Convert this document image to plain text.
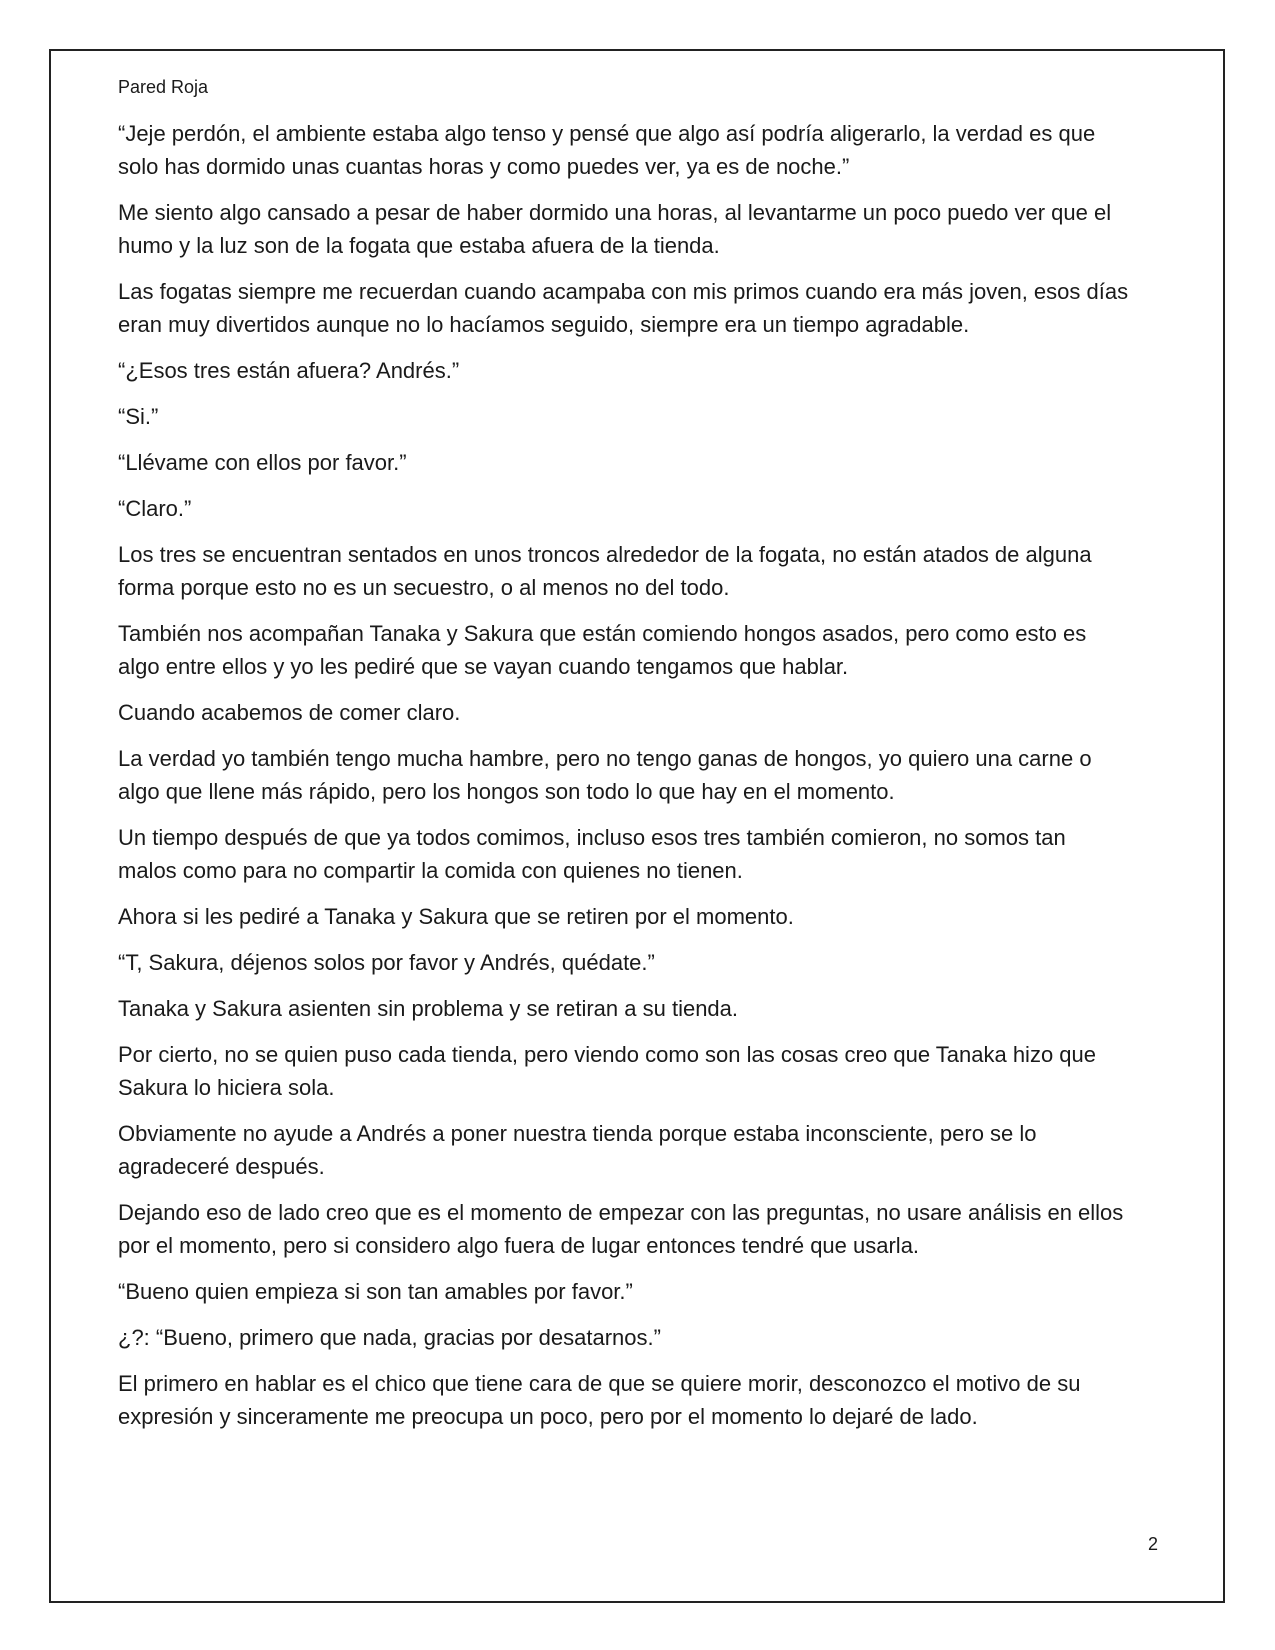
Pared Roja

“Jeje perdón, el ambiente estaba algo tenso y pensé que algo así podría aligerarlo, la verdad es que
solo has dormido unas cuantas horas y como puedes ver, ya es de noche.”

Me siento algo cansado a pesar de haber dormido una horas, al levantarme un poco puedo ver que el
humo y la luz son de la fogata que estaba afuera de la tienda.

Las fogatas siempre me recuerdan cuando acampaba con mis primos cuando era más joven, esos días
eran muy divertidos aunque no lo hacíamos seguido, siempre era un tiempo agradable.

“¿Esos tres están afuera? Andrés.”

“Si.”

“Llévame con ellos por favor.”

“Claro.”

Los tres se encuentran sentados en unos troncos alrededor de la fogata, no están atados de alguna
forma porque esto no es un secuestro, o al menos no del todo.

También nos acompañan Tanaka y Sakura que están comiendo hongos asados, pero como esto es
algo entre ellos y yo les pediré que se vayan cuando tengamos que hablar.

Cuando acabemos de comer claro.

La verdad yo también tengo mucha hambre, pero no tengo ganas de hongos, yo quiero una carne o
algo que llene más rápido, pero los hongos son todo lo que hay en el momento.

Un tiempo después de que ya todos comimos, incluso esos tres también comieron, no somos tan
malos como para no compartir la comida con quienes no tienen.

Ahora si les pediré a Tanaka y Sakura que se retiren por el momento.

“T, Sakura, déjenos solos por favor y Andrés, quédate.”

Tanaka y Sakura asienten sin problema y se retiran a su tienda.

Por cierto, no se quien puso cada tienda, pero viendo como son las cosas creo que Tanaka hizo que
Sakura lo hiciera sola.

Obviamente no ayude a Andrés a poner nuestra tienda porque estaba inconsciente, pero se lo
agradeceré después.

Dejando eso de lado creo que es el momento de empezar con las preguntas, no usare análisis en ellos
por el momento, pero si considero algo fuera de lugar entonces tendré que usarla.

“Bueno quien empieza si son tan amables por favor.”

¿?: “Bueno, primero que nada, gracias por desatarnos.”

El primero en hablar es el chico que tiene cara de que se quiere morir, desconozco el motivo de su
expresión y sinceramente me preocupa un poco, pero por el momento lo dejaré de lado.

2
